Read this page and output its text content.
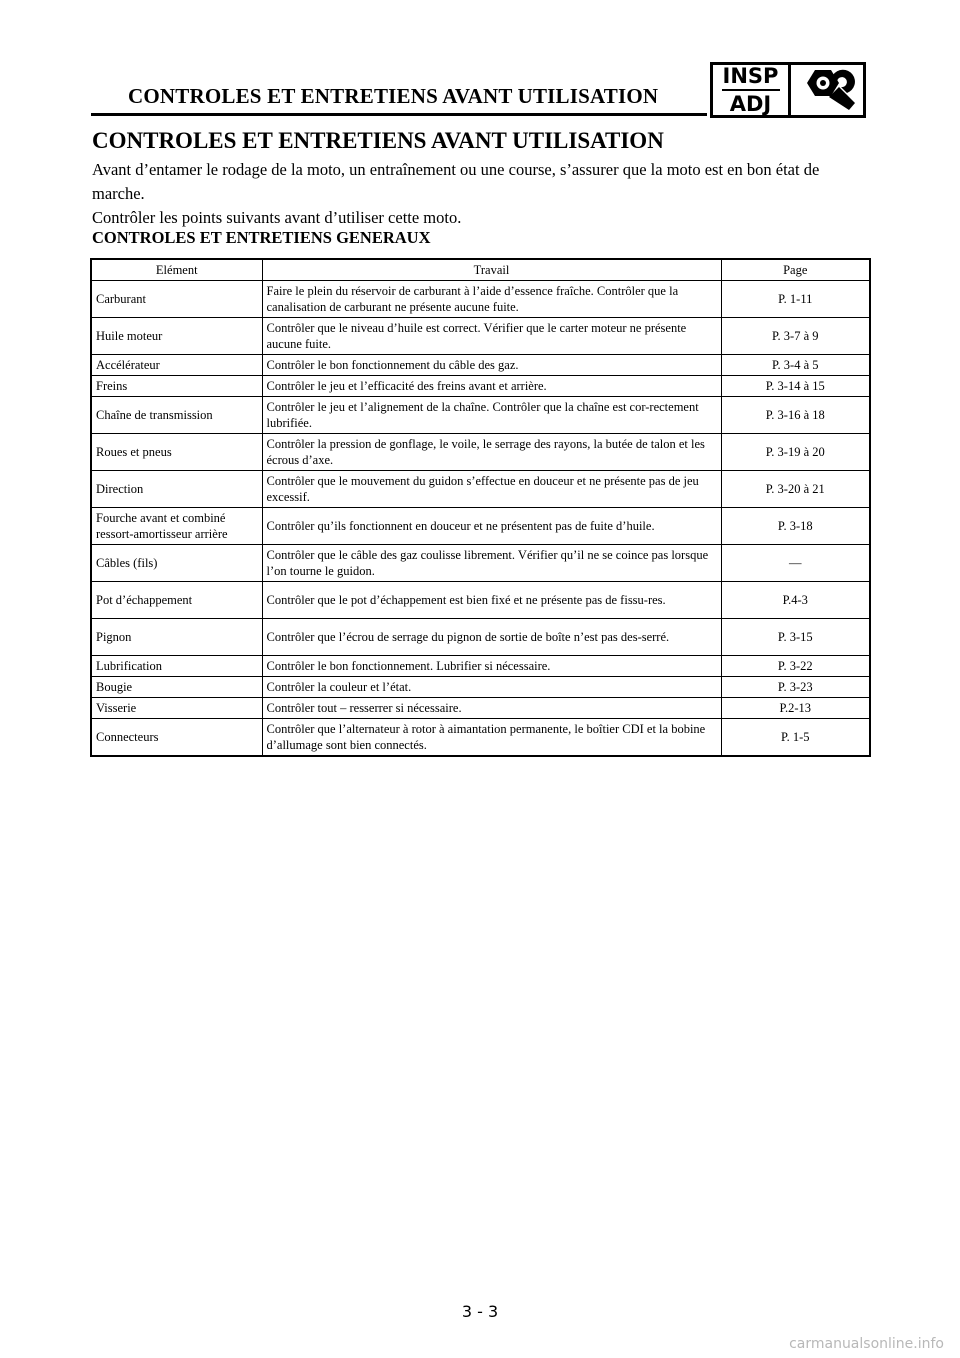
CONTROLES ET ENTRETIENS AVANT UTILISATION
INSP
ADJ
CONTROLES ET ENTRETIENS AVANT UTILISATION

Avant d’entamer le rodage de la moto, un entraînement ou une course, s’assurer que la moto est en bon état de marche.

Contrôler les points suivants avant d’utiliser cette moto.

CONTROLES ET ENTRETIENS GENERAUX
Elément	Travail	Page
Carburant	Faire le plein du réservoir de carburant à l’aide d’essence fraîche. Contrôler que la canalisation de carburant ne présente aucune fuite.	P. 1-11
Huile moteur	Contrôler que le niveau d’huile est correct. Vérifier que le carter moteur ne présente aucune fuite.	P. 3-7 à 9
Accélérateur	Contrôler le bon fonctionnement du câble des gaz.	P. 3-4 à 5
Freins	Contrôler le jeu et l’efficacité des freins avant et arrière.	P. 3-14 à 15
Chaîne de transmission	Contrôler le jeu et l’alignement de la chaîne. Contrôler que la chaîne est cor-rectement lubrifiée.	P. 3-16 à 18
Roues et pneus	Contrôler la pression de gonflage, le voile, le serrage des rayons, la butée de talon et les écrous d’axe.	P. 3-19 à 20
Direction	Contrôler que le mouvement du guidon s’effectue en douceur et ne présente pas de jeu excessif.	P. 3-20 à 21
Fourche avant et combiné ressort-amortisseur arrière	Contrôler qu’ils fonctionnent en douceur et ne présentent pas de fuite d’huile.	P. 3-18
Câbles (fils)	Contrôler que le câble des gaz coulisse librement. Vérifier qu’il ne se coince pas lorsque l’on tourne le guidon.	—
Pot d’échappement	Contrôler que le pot d’échappement est bien fixé et ne présente pas de fissu-res.	P.4-3
Pignon	Contrôler que l’écrou de serrage du pignon de sortie de boîte n’est pas des-serré.	P. 3-15
Lubrification	Contrôler le bon fonctionnement. Lubrifier si nécessaire.	P. 3-22
Bougie	Contrôler la couleur et l’état.	P. 3-23
Visserie	Contrôler tout – resserrer si nécessaire.	P.2-13
Connecteurs	Contrôler que l’alternateur à rotor à aimantation permanente, le boîtier CDI et la bobine d’allumage sont bien connectés.	P. 1-5
3 - 3
carmanualsonline.info
